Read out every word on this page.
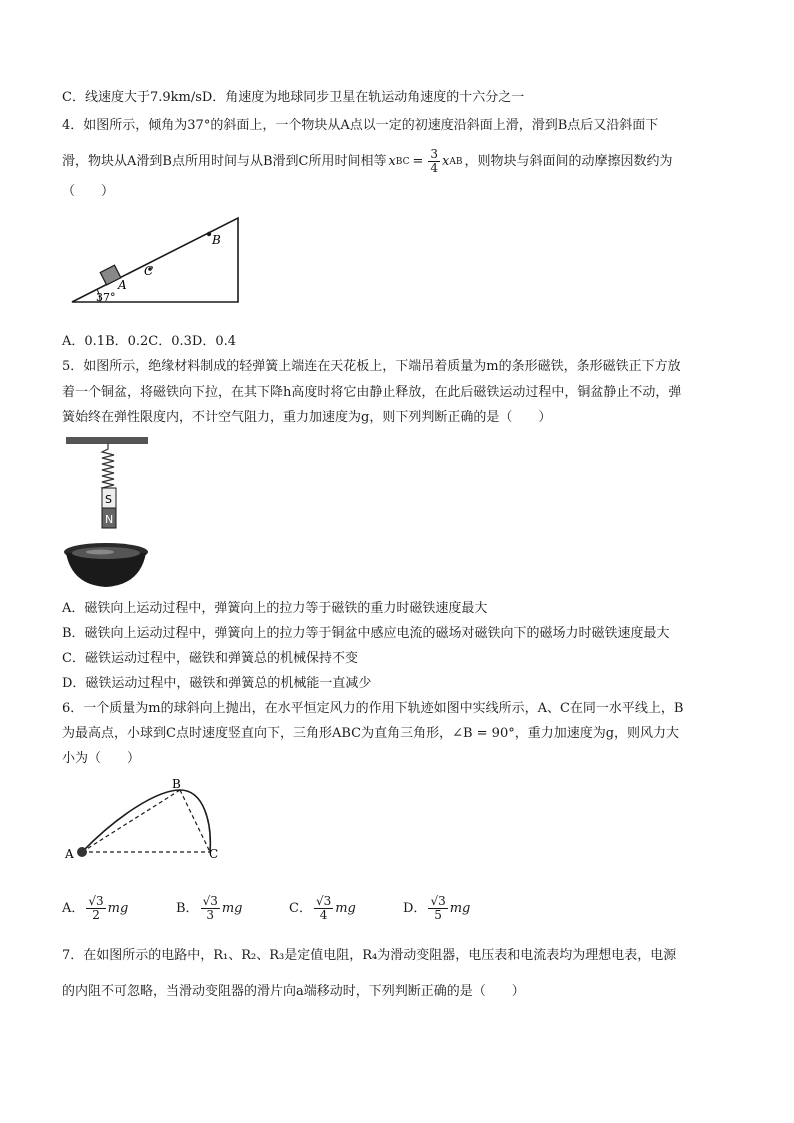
C．线速度大于7.9km/sD．角速度为地球同步卫星在轨运动角速度的十六分之一
4．如图所示，倾角为37°的斜面上，一个物块从A点以一定的初速度沿斜面上滑，滑到B点后又沿斜面下
滑，物块从A滑到B点所用时间与从B滑到C所用时间相等 x BC = $\frac{3}{4}$ x AB ，则物块与斜面间的动摩擦因数约为
（　　）
A
C
B
37°
A．0.1B．0.2C．0.3D．0.4
5．如图所示，绝缘材料制成的轻弹簧上端连在天花板上，下端吊着质量为m的条形磁铁，条形磁铁正下方放
着一个铜盆，将磁铁向下拉，在其下降h高度时将它由静止释放，在此后磁铁运动过程中，铜盆静止不动，弹
簧始终在弹性限度内，不计空气阻力，重力加速度为g，则下列判断正确的是（　　）
S
N
A．磁铁向上运动过程中，弹簧向上的拉力等于磁铁的重力时磁铁速度最大
B．磁铁向上运动过程中，弹簧向上的拉力等于铜盆中感应电流的磁场对磁铁向下的磁场力时磁铁速度最大
C．磁铁运动过程中，磁铁和弹簧总的机械保持不变
D．磁铁运动过程中，磁铁和弹簧总的机械能一直减少
6．一个质量为m的球斜向上抛出，在水平恒定风力的作用下轨迹如图中实线所示，A、C在同一水平线上，B
为最高点，小球到C点时速度竖直向下，三角形ABC为直角三角形，∠B = 90°，重力加速度为g，则风力大
小为（　　）
A
B
C
A． $\frac{√3}{2}$ mg	B． $\frac{√3}{3}$ mg	C． $\frac{√3}{4}$ mg	D． $\frac{√3}{5}$ mg
7．在如图所示的电路中，R₁、R₂、R₃是定值电阻，R₄为滑动变阻器，电压表和电流表均为理想电表，电源
的内阻不可忽略，当滑动变阻器的滑片向a端移动时，下列判断正确的是（　　）
